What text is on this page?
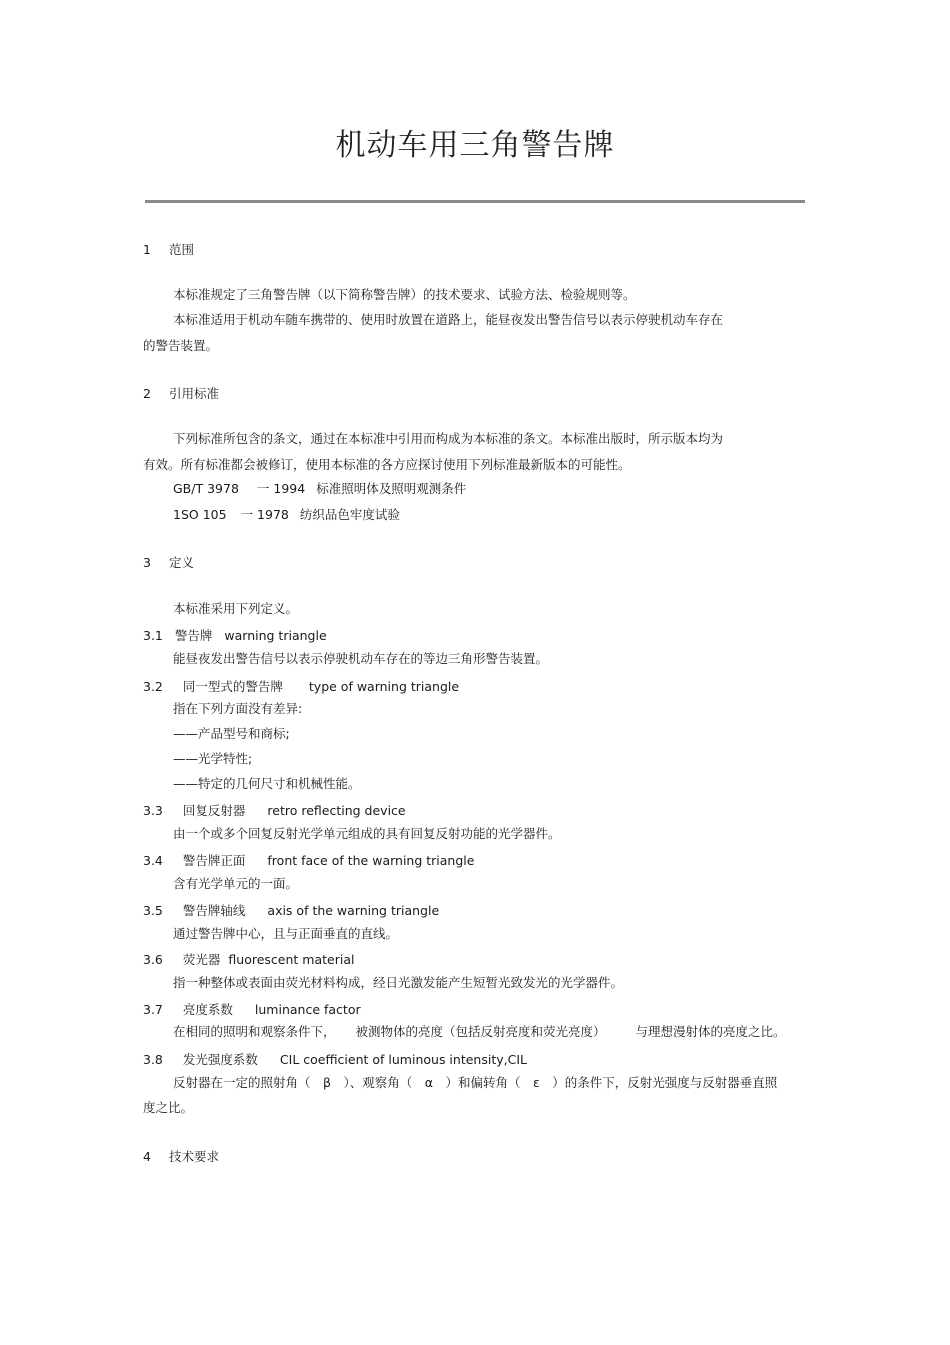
机动车用三角警告牌
1 范围
本标准规定了三角警告牌（以下简称警告牌）的技术要求、试验方法、检验规则等。
本标准适用于机动车随车携带的、使用时放置在道路上，能昼夜发出警告信号以表示停驶机动车存在
的警告装置。
2 引用标准
下列标准所包含的条文，通过在本标准中引用而构成为本标准的条文。本标准出版时，所示版本均为
有效。所有标准都会被修订，使用本标准的各方应探讨使用下列标准最新版本的可能性。
GB/T 3978 一 1994 标准照明体及照明观测条件
1SO 105 一 1978 纺织品色牢度试验
3 定义
本标准采用下列定义。
3.1 警告牌 warning triangle
能昼夜发出警告信号以表示停驶机动车存在的等边三角形警告装置。
3.2 同一型式的警告牌 type of warning triangle
指在下列方面没有差异:
——产品型号和商标;
——光学特性;
——特定的几何尺寸和机械性能。
3.3 回复反射器 retro reflecting device
由一个或多个回复反射光学单元组成的具有回复反射功能的光学器件。
3.4 警告牌正面 front face of the warning triangle
含有光学单元的一面。
3.5 警告牌轴线 axis of the warning triangle
通过警告牌中心，且与正面垂直的直线。
3.6 荧光器 fluorescent material
指一种整体或表面由荧光材料构成，经日光激发能产生短暂光致发光的光学器件。
3.7 亮度系数 luminance factor
在相同的照明和观察条件下， 被测物体的亮度（包括反射亮度和荧光亮度） 与理想漫射体的亮度之比。
3.8 发光强度系数 CIL coefficient of luminous intensity,CIL
反射器在一定的照射角（　β　）、观察角（　α　）和偏转角（　ε　）的条件下，反射光强度与反射器垂直照
度之比。
4 技术要求
